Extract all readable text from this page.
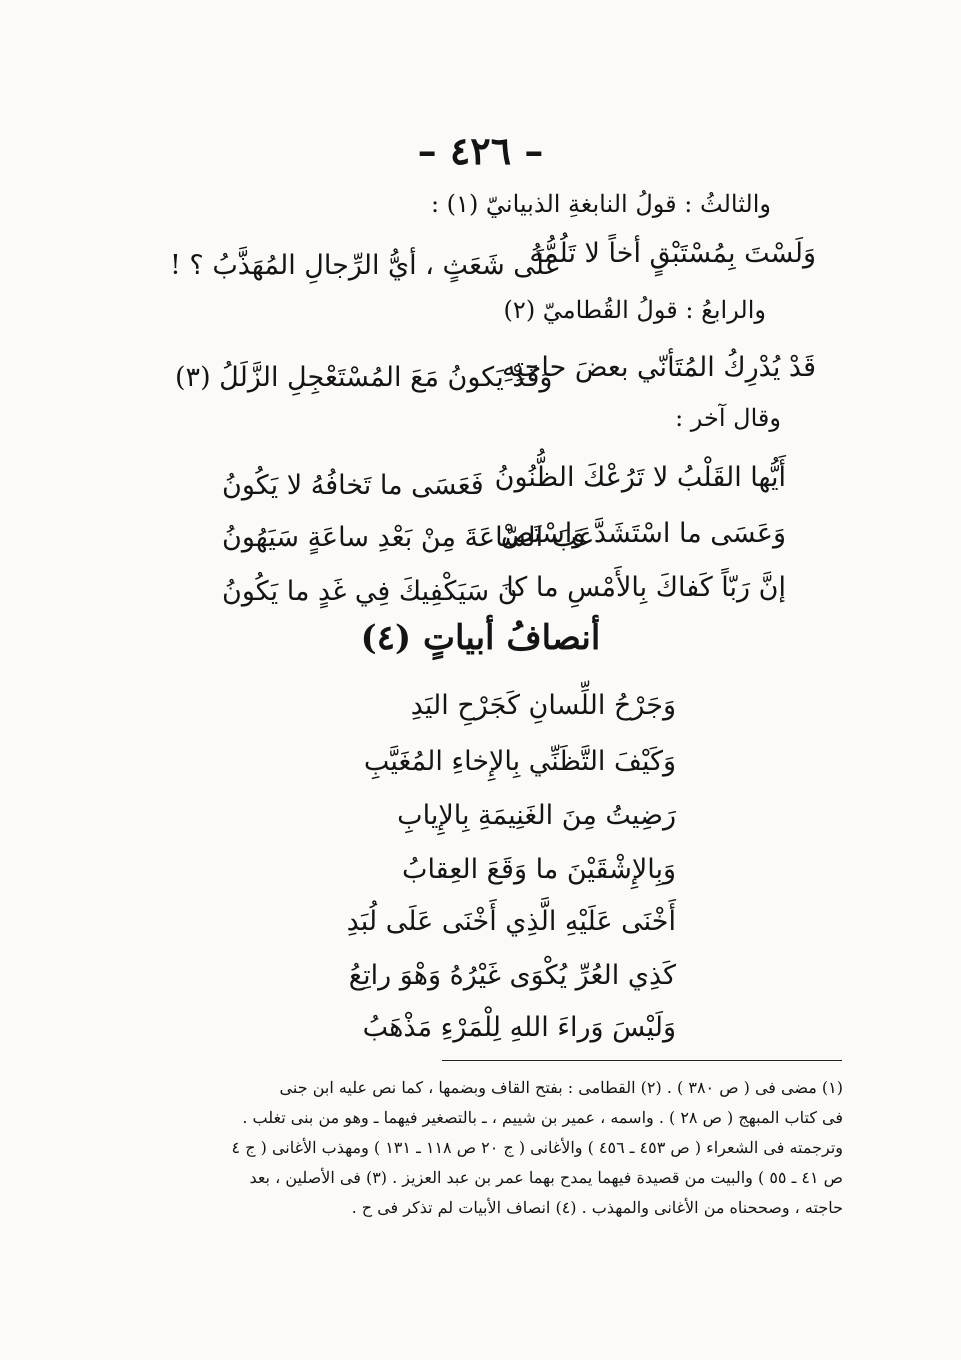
– ٤٢٦ –
والثالثُ : قولُ النابغةِ الذبيانيّ (١) :
وَلَسْتَ بِمُسْتَبْقٍ أخاً لا تَلُمُّهُ
عَلَى شَعَثٍ ، أيُّ الرِّجالِ المُهَذَّبُ ؟ !
والرابعُ : قولُ القُطاميّ (٢)
قَدْ يُدْرِكُ المُتَأنّي بعضَ حاجتِهِ
وَقَدْ يَكونُ مَعَ المُسْتَعْجِلِ الزَّلَلُ (٣)
وقال آخر :
أَيُّها القَلْبُ لا تَرُعْكَ الظُّنُونُ
فَعَسَى ما تَخافُهُ لا يَكُونُ
وَعَسَى ما اسْتَشَدَّ وَاسْتَصْ
عَبَ السّاعَةَ مِنْ بَعْدِ ساعَةٍ سَيَهُونُ
إنَّ رَبّاً كَفاكَ بِالأَمْسِ ما كا
نَ سَيَكْفِيكَ فِي غَدٍ ما يَكُونُ
أنصافُ أبياتٍ (٤)
وَجَرْحُ اللِّسانِ كَجَرْحِ اليَدِ
وَكَيْفَ التَّظَنِّي بِالإِخاءِ المُغَيَّبِ
رَضِيتُ مِنَ الغَنِيمَةِ بِالإِيابِ
وَبِالإِشْقَيْنَ ما وَقَعَ العِقابُ
أَخْنَى عَلَيْهِ الَّذِي أَخْنَى عَلَى لُبَدِ
كَذِي العُرِّ يُكْوَى غَيْرُهُ وَهْوَ راتِعُ
وَلَيْسَ وَراءَ اللهِ لِلْمَرْءِ مَذْهَبُ
(١) مضى فى ( ص ٣٨٠ ) . (٢) القطامى : بفتح القاف وبضمها ، كما نص عليه ابن جنى
فى كتاب المبهج ( ص ٢٨ ) . واسمه ، عمير بن شييم ، ـ بالتصغير فيهما ـ وهو من بنى تغلب .
وترجمته فى الشعراء ( ص ٤٥٣ ـ ٤٥٦ ) والأغانى ( ج ٢٠ ص ١١٨ ـ ١٣١ ) ومهذب الأغانى ( ج ٤
ص ٤١ ـ ٥٥ ) والبيت من قصيدة فيهما يمدح بهما عمر بن عبد العزيز . (٣) فى الأصلين ، بعد
حاجته ، وصححناه من الأغانى والمهذب . (٤) انصاف الأبيات لم تذكر فى ح .
